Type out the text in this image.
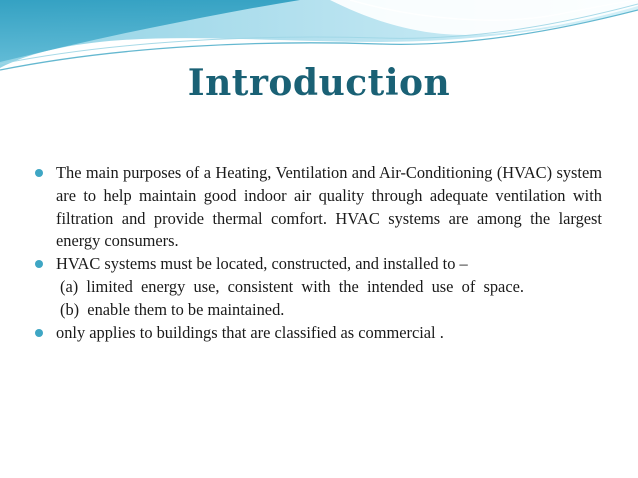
Introduction

The main purposes of a Heating, Ventilation and Air-Conditioning (HVAC) system are to help maintain good indoor air quality through adequate ventilation with filtration and provide thermal comfort. HVAC systems are among the largest energy consumers.

HVAC systems must be located, constructed, and installed to –

(a)  limited  energy  use,  consistent  with  the  intended  use  of  space.

(b)  enable them to be maintained.

only applies to buildings that are classified as commercial .
